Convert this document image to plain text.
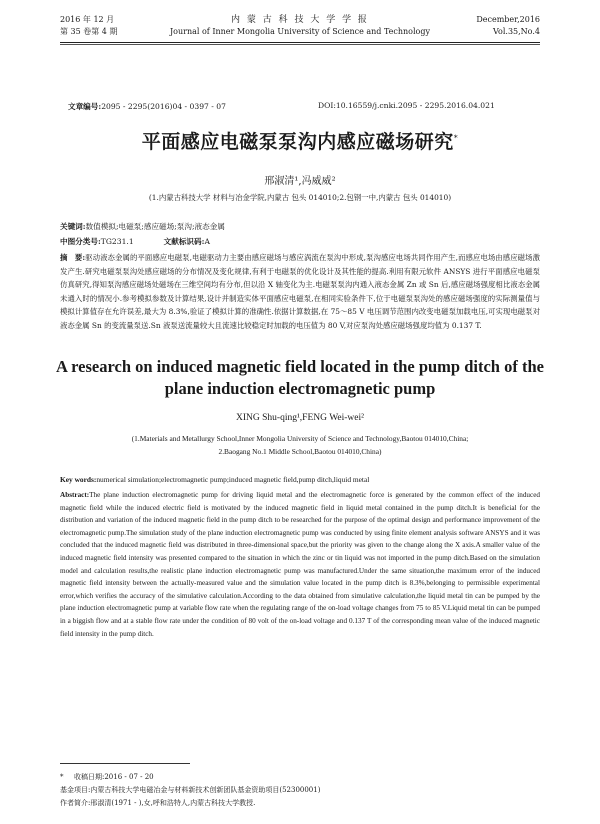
2016 年 12 月
第 35 卷第 4 期
内 蒙 古 科 技 大 学 学 报
Journal of Inner Mongolia University of Science and Technology
December,2016
Vol.35,No.4
文章编号:2095 - 2295(2016)04 - 0397 - 07	DOI:10.16559/j.cnki.2095 - 2295.2016.04.021
平面感应电磁泵泵沟内感应磁场研究*
邢淑清¹,冯威威²
(1.内蒙古科技大学 材料与冶金学院,内蒙古 包头 014010;2.包钢一中,内蒙古 包头 014010)
关键词:数值模拟;电磁泵;感应磁场;泵沟;液态金属
中图分类号:TG231.1	文献标识码:A
摘　要:驱动液态金属的平面感应电磁泵,电磁驱动力主要由感应磁场与感应涡流在泵沟中形成,泵沟感应电场共同作用产生,而感应电场由感应磁场激发产生.研究电磁泵泵沟处感应磁场的分布情况及变化规律,有利于电磁泵的优化设计及其性能的提高.利用有限元软件 ANSYS 进行平面感应电磁泵仿真研究,得知泵沟感应磁场处磁场在三维空间均有分布,但以沿 X 轴变化为主.电磁泵泵沟内通入液态金属 Zn 或 Sn 后,感应磁场强度相比液态金属未通入时的情况小.参考模拟参数及计算结果,设计并制造实体平面感应电磁泵,在相同实验条件下,位于电磁泵泵沟处的感应磁场强度的实际测量值与模拟计算值存在允许误差,最大为 8.3%,验证了模拟计算的准确性.依据计算数据,在 75～85 V 电压调节范围内改变电磁泵加载电压,可实现电磁泵对液态金属 Sn 的变流量泵送.Sn 液泵送流量较大且流速比较稳定时加载的电压值为 80 V,对应泵沟处感应磁场强度均值为 0.137 T.
A research on induced magnetic field located in the pump ditch of the plane induction electromagnetic pump
XING Shu-qing¹,FENG Wei-wei²
(1.Materials and Metallurgy School,Inner Mongolia University of Science and Technology,Baotou 014010,China;
2.Baogang No.1 Middle School,Baotou 014010,China)
Key words:numerical simulation;electromagnetic pump;induced magnetic field,pump ditch,liquid metal
Abstract:The plane induction electromagnetic pump for driving liquid metal and the electromagnetic force is generated by the common effect of the induced magnetic field while the induced electric field is motivated by the induced magnetic field in liquid metal contained in the pump ditch.It is beneficial for the distribution and variation of the induced magnetic field in the pump ditch to be researched for the purpose of the optimal design and performance improvement of the electromagnetic pump.The simulation study of the plane induction electromagnetic pump was conducted by using finite element analysis software ANSYS and it was concluded that the induced magnetic field was distributed in three-dimensional space,but the priority was given to the change along the X axis.A smaller value of the induced magnetic field intensity was presented compared to the situation in which the zinc or tin liquid was not imported in the pump ditch.Based on the simulation model and calculation results,the realistic plane induction electromagnetic pump was manufactured.Under the same situation,the maximum error of the induced magnetic field intensity between the actually-measured value and the simulation value located in the pump ditch is 8.3%,belonging to permissible experimental error,which verifies the accuracy of the simulative calculation.According to the data obtained from simulative calculation,the liquid metal tin can be pumped by the plane induction electromagnetic pump at variable flow rate when the regulating range of the on-load voltage changes from 75 to 85 V.Liquid metal tin can be pumped in a biggish flow and at a stable flow rate under the condition of 80 volt of the on-load voltage and 0.137 T of the corresponding mean value of the induced magnetic field intensity in the pump ditch.
* 收稿日期:2016 - 07 - 20
基金项目:内蒙古科技大学电磁冶金与材料新技术创新团队基金资助项目(52300001)
作者简介:邢淑清(1971 - ),女,呼和浩特人,内蒙古科技大学教授.
